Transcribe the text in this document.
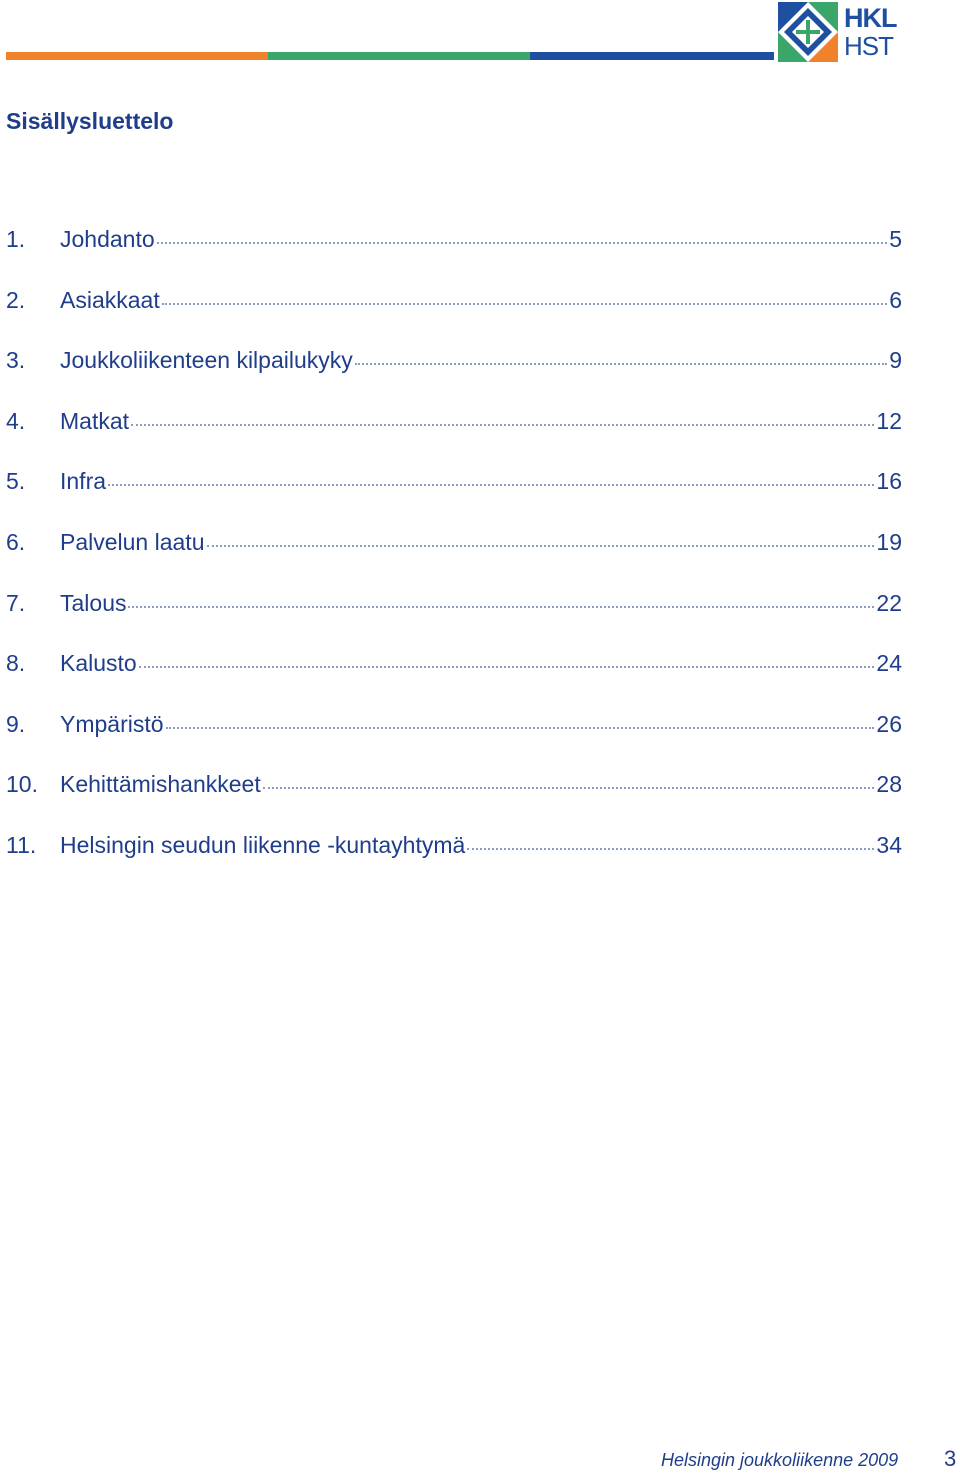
HKL
HST
Sisällysluettelo
1.	Johdanto	5
2.	Asiakkaat	6
3.	Joukkoliikenteen kilpailukyky	9
4.	Matkat	12
5.	Infra	16
6.	Palvelun laatu	19
7.	Talous	22
8.	Kalusto	24
9.	Ympäristö	26
10. Kehittämishankkeet	28
11.	Helsingin seudun liikenne -kuntayhtymä	34
Helsingin joukkoliikenne 2009 3
